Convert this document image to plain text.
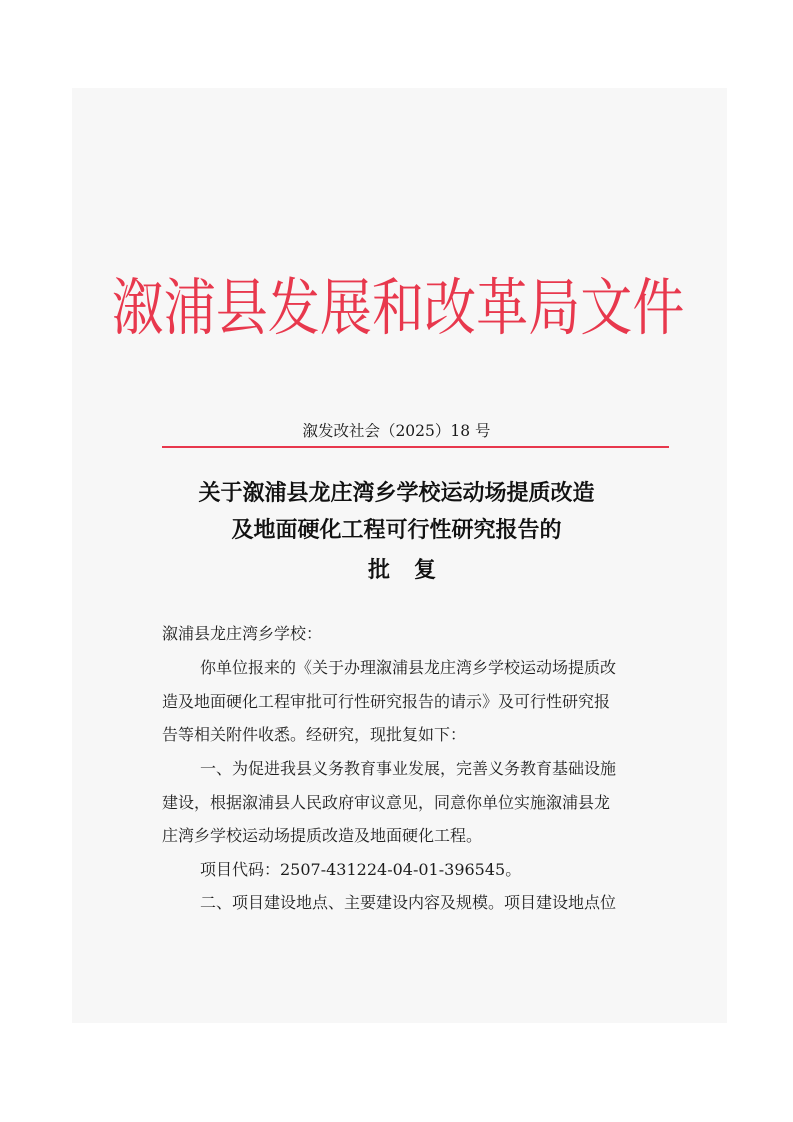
溆浦县发展和改革局文件
溆发改社会（2025）18 号
关于溆浦县龙庄湾乡学校运动场提质改造
及地面硬化工程可行性研究报告的
批复
溆浦县龙庄湾乡学校：
你单位报来的《关于办理溆浦县龙庄湾乡学校运动场提质改
造及地面硬化工程审批可行性研究报告的请示》及可行性研究报
告等相关附件收悉。经研究，现批复如下：
一、为促进我县义务教育事业发展，完善义务教育基础设施
建设，根据溆浦县人民政府审议意见，同意你单位实施溆浦县龙
庄湾乡学校运动场提质改造及地面硬化工程。
项目代码：2507-431224-04-01-396545。
二、项目建设地点、主要建设内容及规模。项目建设地点位
